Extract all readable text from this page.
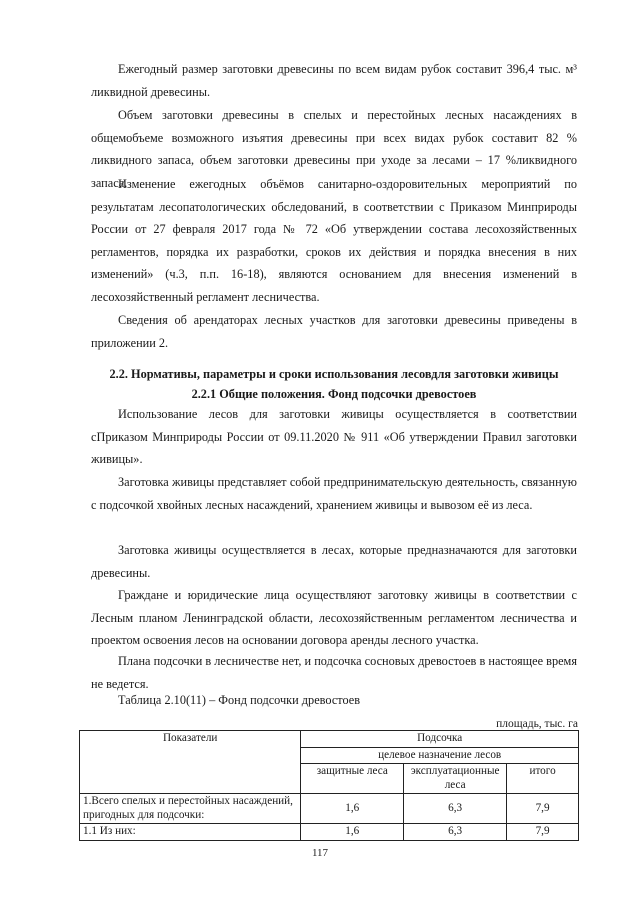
Ежегодный размер заготовки древесины по всем видам рубок составит 396,4 тыс. м³ ликвидной древесины.

Объем заготовки древесины в спелых и перестойных лесных насаждениях в общемобъеме возможного изъятия древесины при всех видах рубок составит 82 % ликвидного запаса, объем заготовки древесины при уходе за лесами – 17 %ликвидного запаса.

Изменение ежегодных объёмов санитарно-оздоровительных мероприятий по результатам лесопатологических обследований, в соответствии с Приказом Минприроды России от 27 февраля 2017 года № 72 «Об утверждении состава лесохозяйственных регламентов, порядка их разработки, сроков их действия и порядка внесения в них изменений» (ч.3, п.п. 16-18), являются основанием для внесения изменений в лесохозяйственный регламент лесничества.

Сведения об арендаторах лесных участков для заготовки древесины приведены в приложении 2.

2.2. Нормативы, параметры и сроки использования лесовдля заготовки живицы

2.2.1 Общие положения. Фонд подсочки древостоев

Использование лесов для заготовки живицы осуществляется в соответствии сПриказом Минприроды России от 09.11.2020 № 911 «Об утверждении Правил заготовки живицы».

Заготовка живицы представляет собой предпринимательскую деятельность, связанную с подсочкой хвойных лесных насаждений, хранением живицы и вывозом её из леса.

Заготовка живицы осуществляется в лесах, которые предназначаются для заготовки древесины.

Граждане и юридические лица осуществляют заготовку живицы в соответствии с Лесным планом Ленинградской области, лесохозяйственным регламентом лесничества и проектом освоения лесов на основании договора аренды лесного участка.

Плана подсочки в лесничестве нет, и подсочка сосновых древостоев в настоящее время не ведется.

Таблица 2.10(11) – Фонд подсочки древостоев

площадь, тыс. га

Показатели	Подсочка		
	целевое назначение лесов		
	защитные леса	эксплуатационные леса	итого
1.Всего спелых и перестойных насаждений, пригодных для подсочки:	1,6	6,3	7,9
1.1 Из них:	1,6	6,3	7,9

117
